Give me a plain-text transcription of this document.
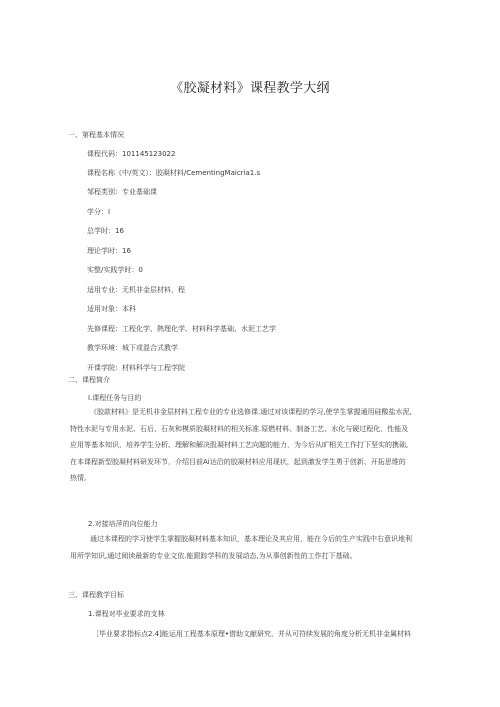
《胶凝材料》课程教学大纲
一、第程基本情况
课程代码：101145123022
课程名称《中/英文）：胶凝材料/CementingMaicria1.s
邹程类别：专业基础课
学分：I
总学时：16
理论学时：16
实整/实践学时：0
适用专业：无机非金层材料，程
适用对象：本科
先修课程：工程化学、熱理化学、材料科学基础、水泥工艺学
教学环境：城下或混合式教学
开课学院：材料科学与工程学院
二、课程简介
I.课程任务与目的
《胶款材料》是无机非金层材料工程专业的专业选修课.通过对该课程的学习,使学生掌握通用硅酸盐水泥,
特性水泥与专用水泥、石后、石灰和模质胶凝材料的相关标准.原燃材料、制备工艺、水化与硬过程化、性能及
应用等基本知识，培养学生分析、理解和解决股凝材料工艺向题的能力，为今后从旷相关工作打下坚实的携础,
在本课程新型胶凝材料研发环节，介绍目前Ai达沿的胶凝材料应用现状，起到激发学生勇于创新、开拓思维的
热情,
2.对接培萍的向位能力
通过本课程的学习使学生掌握胶凝材料基本知识，基本理论及其应用，能在今后的生产实践中右意识地利
用所学知识,通过阅读最新的专业文依.能跟踪学科的发展动态,为从事创新性的工作打下基础。
三、课程教学目标
1.课程对毕业要求的支林
［毕业要求指标点2.4]能运用工程基本原理•借助文献研究，并从可符续发展的角度分析无机非金属材料
